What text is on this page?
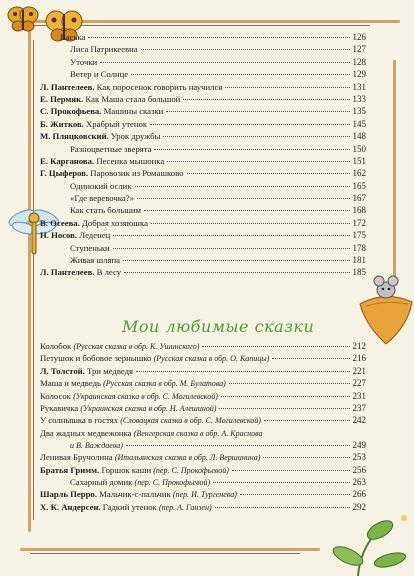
Васька	126
Лиса Патрикеевна	127
Уточки	128
Ветер и Солнце	129
Л. Пантелеев. Как поросенок говорить научился	131
Е. Пермяк. Как Маша стала большой	133
С. Прокофьева. Машины сказки	135
Б. Житков. Храбрый утенок	145
М. Пляцковский. Урок дружбы	148
Разноцветные зверята	150
Е. Карганова. Песенка мышонка	151
Г. Цыферов. Паровозик из Ромашково	162
Одинокий ослик	165
«Где веревочка?»	167
Как стать большим	168
В. Осеева. Добрая хозяюшка	172
Н. Носов. Леденец	175
Ступеньки	178
Живая шляпа	181
Л. Пантелеев. В лесу	185
Мои любимые сказки
Колобок (Русская сказка в обр. К. Ушинского)	212
Петушок и бобовое зернышко (Русская сказка в обр. О. Капицы)	216
Л. Толстой. Три медведя	221
Маша и медведь (Русская сказка в обр. М. Булатова)	227
Колосок (Украинская сказка в обр. С. Могилевской)	231
Рукавичка (Украинская сказка в обр. Н. Алешиной)	237
У солнышка в гостях (Словацкая сказка в обр. С. Могилевской)	242
Два жадных медвежонка (Венгерская сказка в обр. А. Краснова
и В. Важдаева)	249
Ленивая Бручолина (Итальянская сказка в обр. Л. Вершинина)	253
Братья Гримм. Горшок каши (пер. С. Прокофьевой)	256
Сахарный домик (пер. С. Прокофьевой)	263
Шарль Перро. Мальчик-с-пальчик (пер. И. Тургенева)	266
Х. К. Андерсен. Гадкий утенок (пер. А. Ганзен)	292
